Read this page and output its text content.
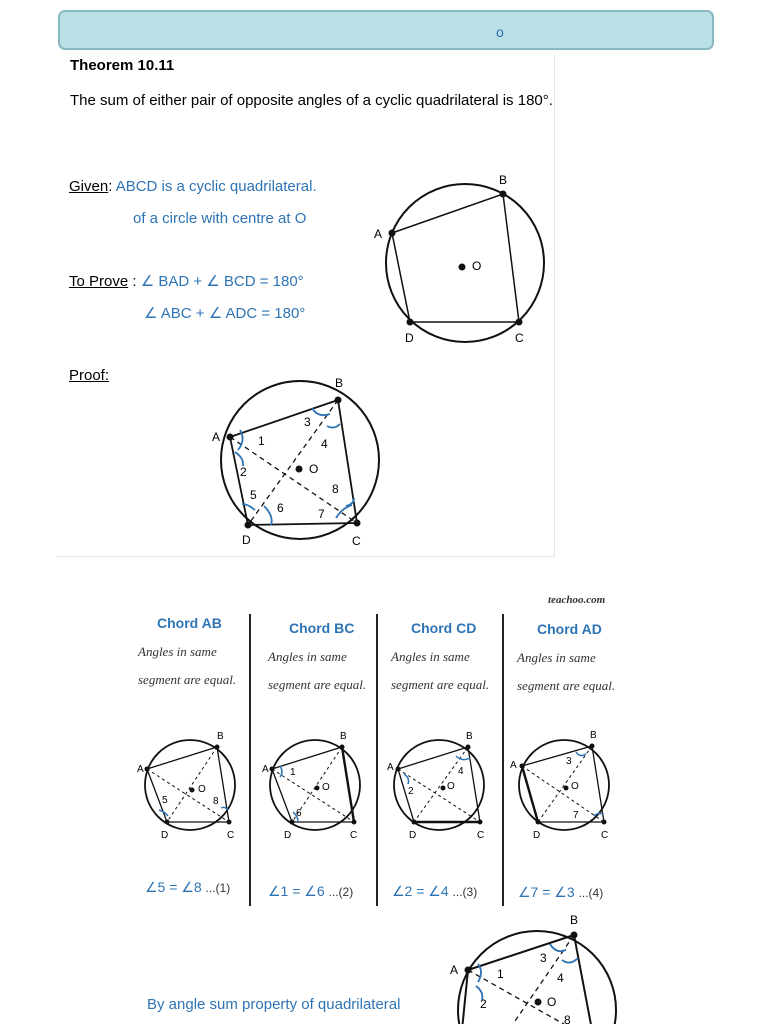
o
Theorem 10.11
The sum of either pair of opposite angles of a cyclic quadrilateral is 180°.
Given: ABCD is a cyclic quadrilateral.
of a circle with centre at O
To Prove : ∠ BAD + ∠ BCD = 180°
∠ ABC + ∠ ADC = 180°
Proof:
A
B
C
D
O
A
B
C
D
O
1
2
3
4
5
6	7
8
teachoo.com
Chord AB
Angles in same segment are equal.
∠5 = ∠8 ...(1)
Chord BC
Angles in same segment are equal.
∠1 = ∠6 ...(2)
Chord CD
Angles in same segment are equal.
∠2 = ∠4 ...(3)
Chord AD
Angles in same segment are equal.
∠7 = ∠3 ...(4)
A
B
C
D
O
5	8
A
B
C
D
O
1
6
A
B
C
D
O
2
4
A
B
C
D
O
3
7
By angle sum property of quadrilateral
A
B
O
1
2
3
4
8
